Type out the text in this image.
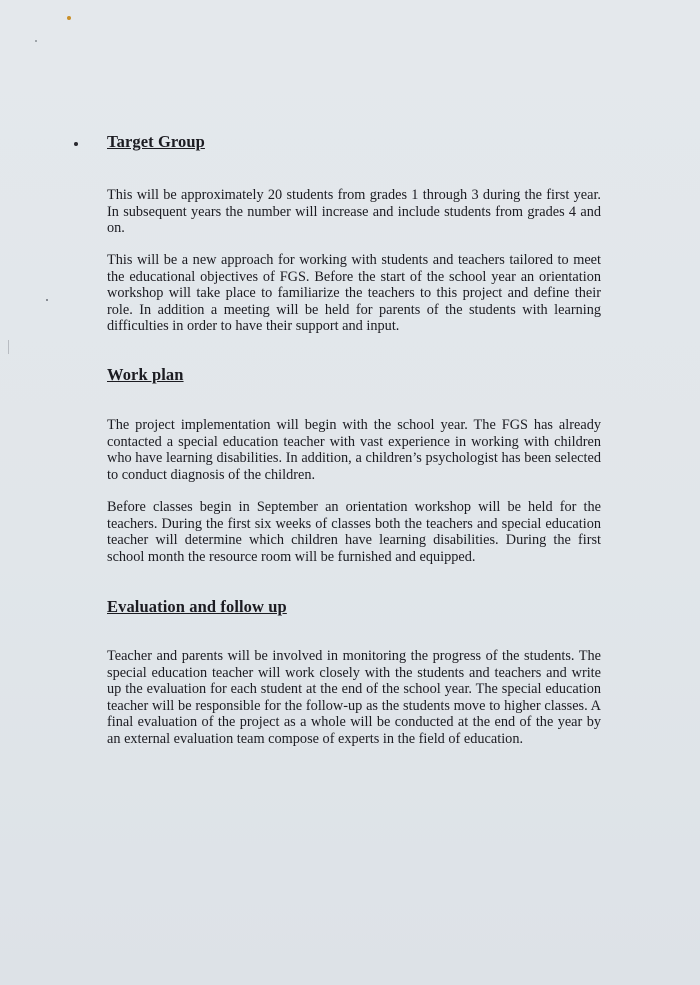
Target Group

This will be approximately 20 students from grades 1 through 3 during the first year. In subsequent years the number will increase and include students from grades 4 and on.

This will be a new approach for working with students and teachers tailored to meet the educational objectives of FGS. Before the start of the school year an orientation workshop will take place to familiarize the teachers to this project and define their role. In addition a meeting will be held for parents of the students with learning difficulties in order to have their support and input.

Work plan

The project implementation will begin with the school year. The FGS has already contacted a special education teacher with vast experience in working with children who have learning disabilities. In addition, a children’s psychologist has been selected to conduct diagnosis of the children.

Before classes begin in September an orientation workshop will be held for the teachers. During the first six weeks of classes both the teachers and special education teacher will determine which children have learning disabilities. During the first school month the resource room will be furnished and equipped.

Evaluation and follow up

Teacher and parents will be involved in monitoring the progress of the students. The special education teacher will work closely with the students and teachers and write up the evaluation for each student at the end of the school year. The special education teacher will be responsible for the follow-up as the students move to higher classes. A final evaluation of the project as a whole will be conducted at the end of the year by an external evaluation team compose of experts in the field of education.
